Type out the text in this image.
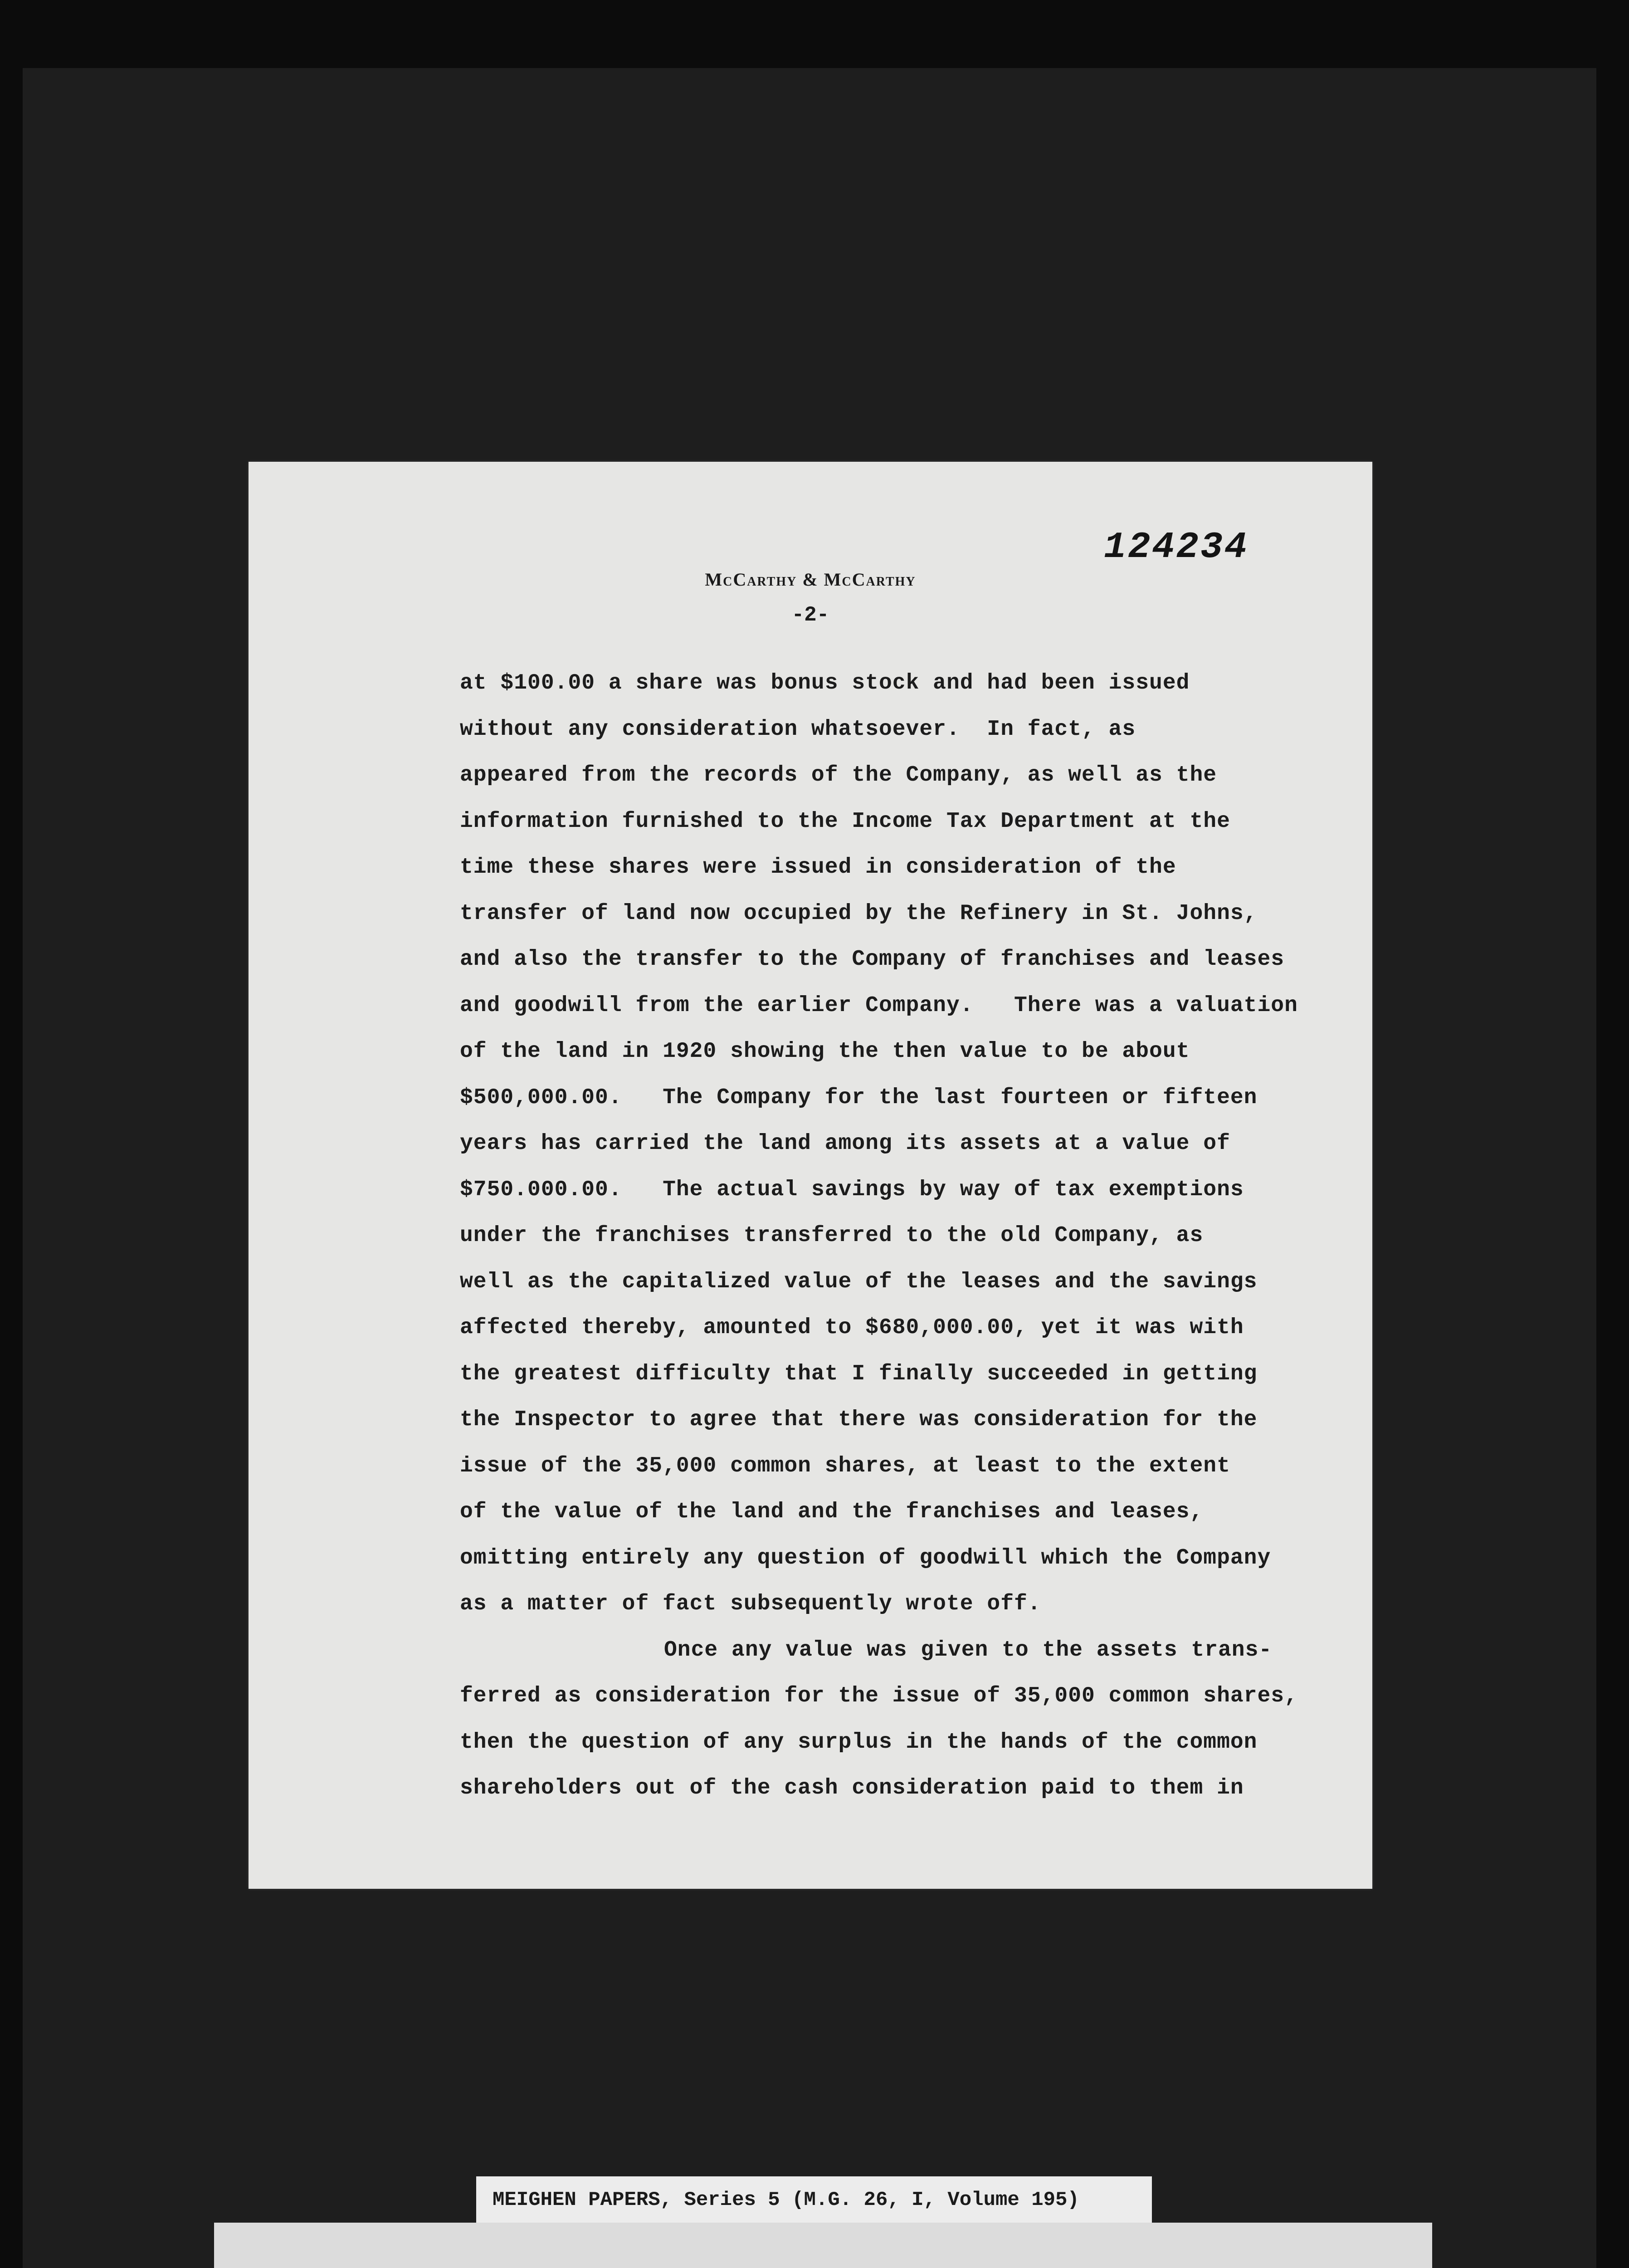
McCarthy & McCarthy
-2-
124234
at $100.00 a share was bonus stock and had been issued
without any consideration whatsoever.  In fact, as
appeared from the records of the Company, as well as the
information furnished to the Income Tax Department at the
time these shares were issued in consideration of the
transfer of land now occupied by the Refinery in St. Johns,
and also the transfer to the Company of franchises and leases
and goodwill from the earlier Company.   There was a valuation
of the land in 1920 showing the then value to be about
$500,000.00.   The Company for the last fourteen or fifteen
years has carried the land among its assets at a value of
$750.000.00.   The actual savings by way of tax exemptions
under the franchises transferred to the old Company, as
well as the capitalized value of the leases and the savings
affected thereby, amounted to $680,000.00, yet it was with
the greatest difficulty that I finally succeeded in getting
the Inspector to agree that there was consideration for the
issue of the 35,000 common shares, at least to the extent
of the value of the land and the franchises and leases,
omitting entirely any question of goodwill which the Company
as a matter of fact subsequently wrote off.
Once any value was given to the assets trans-
ferred as consideration for the issue of 35,000 common shares,
then the question of any surplus in the hands of the common
shareholders out of the cash consideration paid to them in
MEIGHEN PAPERS, Series 5 (M.G. 26, I, Volume 195)
